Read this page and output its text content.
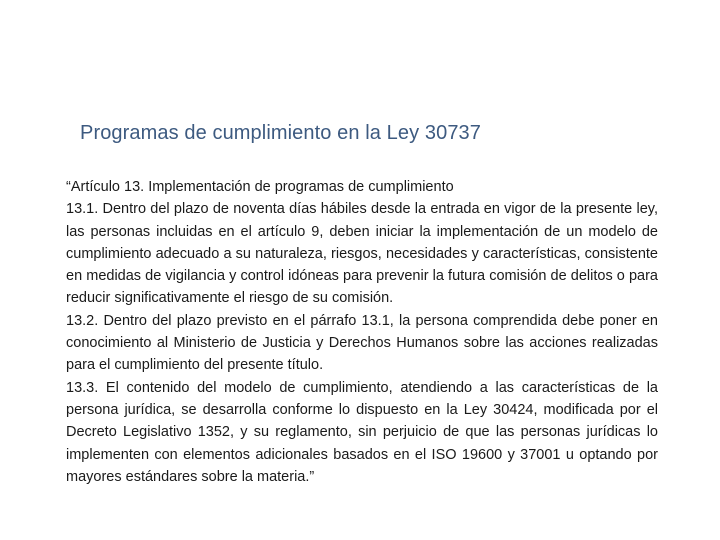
Programas de cumplimiento en la Ley 30737

“Artículo 13. Implementación de programas de cumplimiento

13.1. Dentro del plazo de noventa días hábiles desde la entrada en vigor de la presente ley, las personas incluidas en el artículo 9, deben iniciar la implementación de un modelo de cumplimiento adecuado a su naturaleza, riesgos, necesidades y características, consistente en medidas de vigilancia y control idóneas para prevenir la futura comisión de delitos o para reducir significativamente el riesgo de su comisión.

13.2. Dentro del plazo previsto en el párrafo 13.1, la persona comprendida debe poner en conocimiento al Ministerio de Justicia y Derechos Humanos sobre las acciones realizadas para el cumplimiento del presente título.

13.3. El contenido del modelo de cumplimiento, atendiendo a las características de la persona jurídica, se desarrolla conforme lo dispuesto en la Ley 30424, modificada por el Decreto Legislativo 1352, y su reglamento, sin perjuicio de que las personas jurídicas lo implementen con elementos adicionales basados en el ISO 19600 y 37001 u optando por mayores estándares sobre la materia.”
